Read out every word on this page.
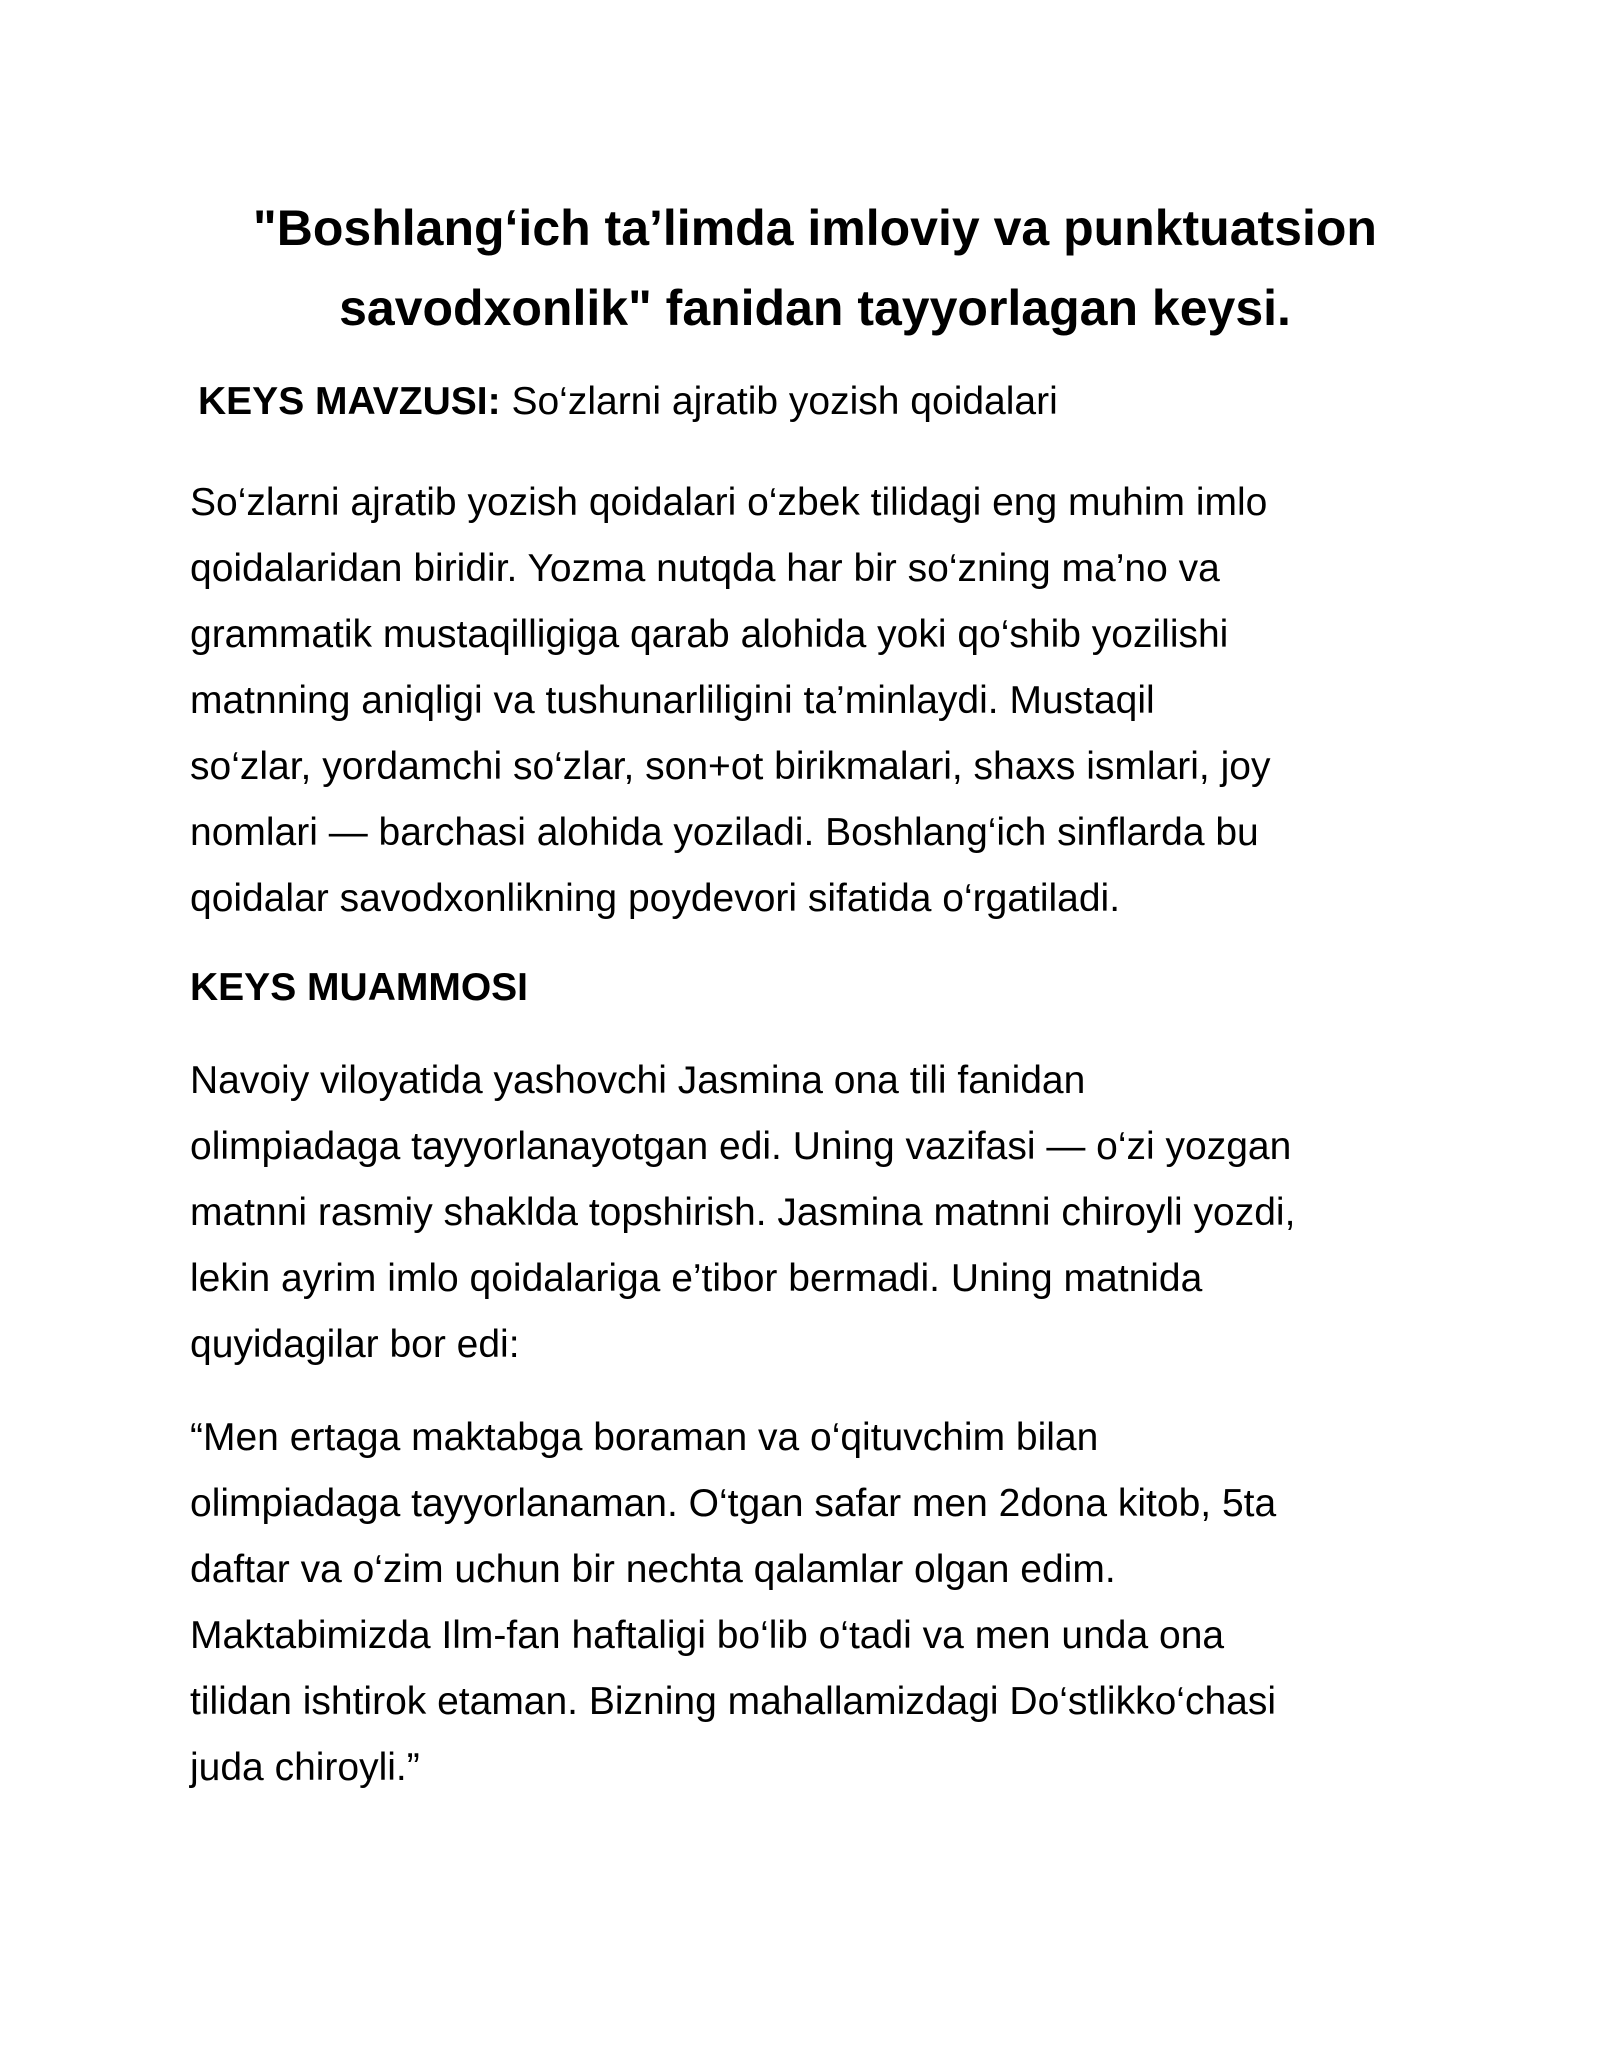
"Boshlang‘ich ta’limda imloviy va punktuatsion
savodxonlik" fanidan tayyorlagan keysi.

KEYS MAVZUSI: So‘zlarni ajratib yozish qoidalari

So‘zlarni ajratib yozish qoidalari o‘zbek tilidagi eng muhim imlo
qoidalaridan biridir. Yozma nutqda har bir so‘zning ma’no va
grammatik mustaqilligiga qarab alohida yoki qo‘shib yozilishi
matnning aniqligi va tushunarliligini ta’minlaydi. Mustaqil
so‘zlar, yordamchi so‘zlar, son+ot birikmalari, shaxs ismlari, joy
nomlari — barchasi alohida yoziladi. Boshlang‘ich sinflarda bu
qoidalar savodxonlikning poydevori sifatida o‘rgatiladi.

KEYS MUAMMOSI

Navoiy viloyatida yashovchi Jasmina ona tili fanidan
olimpiadaga tayyorlanayotgan edi. Uning vazifasi — o‘zi yozgan
matnni rasmiy shaklda topshirish. Jasmina matnni chiroyli yozdi,
lekin ayrim imlo qoidalariga e’tibor bermadi. Uning matnida
quyidagilar bor edi:

“Men ertaga maktabga boraman va o‘qituvchim bilan
olimpiadaga tayyorlanaman. O‘tgan safar men 2dona kitob, 5ta
daftar va o‘zim uchun bir nechta qalamlar olgan edim.
Maktabimizda Ilm-fan haftaligi bo‘lib o‘tadi va men unda ona
tilidan ishtirok etaman. Bizning mahallamizdagi Do‘stlikko‘chasi
juda chiroyli.”
